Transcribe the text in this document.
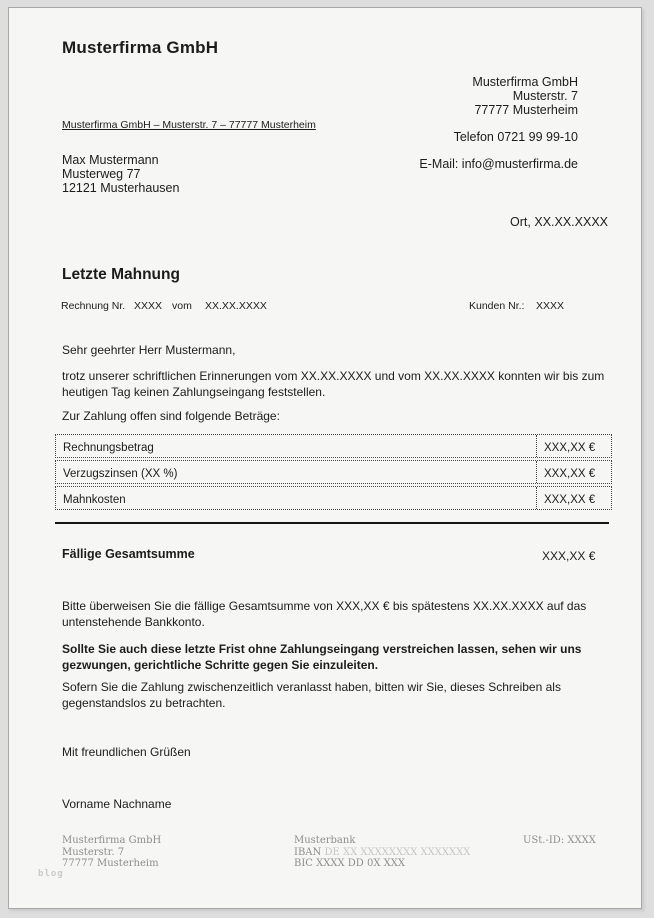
Musterfirma GmbH
Musterfirma GmbH
Musterstr. 7
77777 Musterheim
Telefon 0721 99 99-10
E-Mail: info@musterfirma.de
Musterfirma GmbH – Musterstr. 7 – 77777 Musterheim
Max Mustermann
Musterweg 77
12121 Musterhausen
Ort, XX.XX.XXXX
Letzte Mahnung
Rechnung Nr. XXXX vom XX.XX.XXXX	Kunden Nr.: XXXX

Sehr geehrter Herr Mustermann,

trotz unserer schriftlichen Erinnerungen vom XX.XX.XXXX und vom XX.XX.XXXX konnten wir bis zum heutigen Tag keinen Zahlungseingang feststellen.

Zur Zahlung offen sind folgende Beträge:

Rechnungsbetrag	XXX,XX €
Verzugszinsen (XX %)	XXX,XX €
Mahnkosten	XXX,XX €
Fällige Gesamtsumme	XXX,XX €

Bitte überweisen Sie die fällige Gesamtsumme von XXX,XX € bis spätestens XX.XX.XXXX auf das untenstehende Bankkonto.

Sollte Sie auch diese letzte Frist ohne Zahlungseingang verstreichen lassen, sehen wir uns gezwungen, gerichtliche Schritte gegen Sie einzuleiten.

Sofern Sie die Zahlung zwischenzeitlich veranlasst haben, bitten wir Sie, dieses Schreiben als gegenstandslos zu betrachten.

Mit freundlichen Grüßen
Vorname Nachname
Musterfirma GmbH
Musterstr. 7
77777 Musterheim
Musterbank
IBAN DE XX XXXXXXXX XXXXXXX
BIC XXXX DD 0X XXX
USt.-ID: XXXX
blog
